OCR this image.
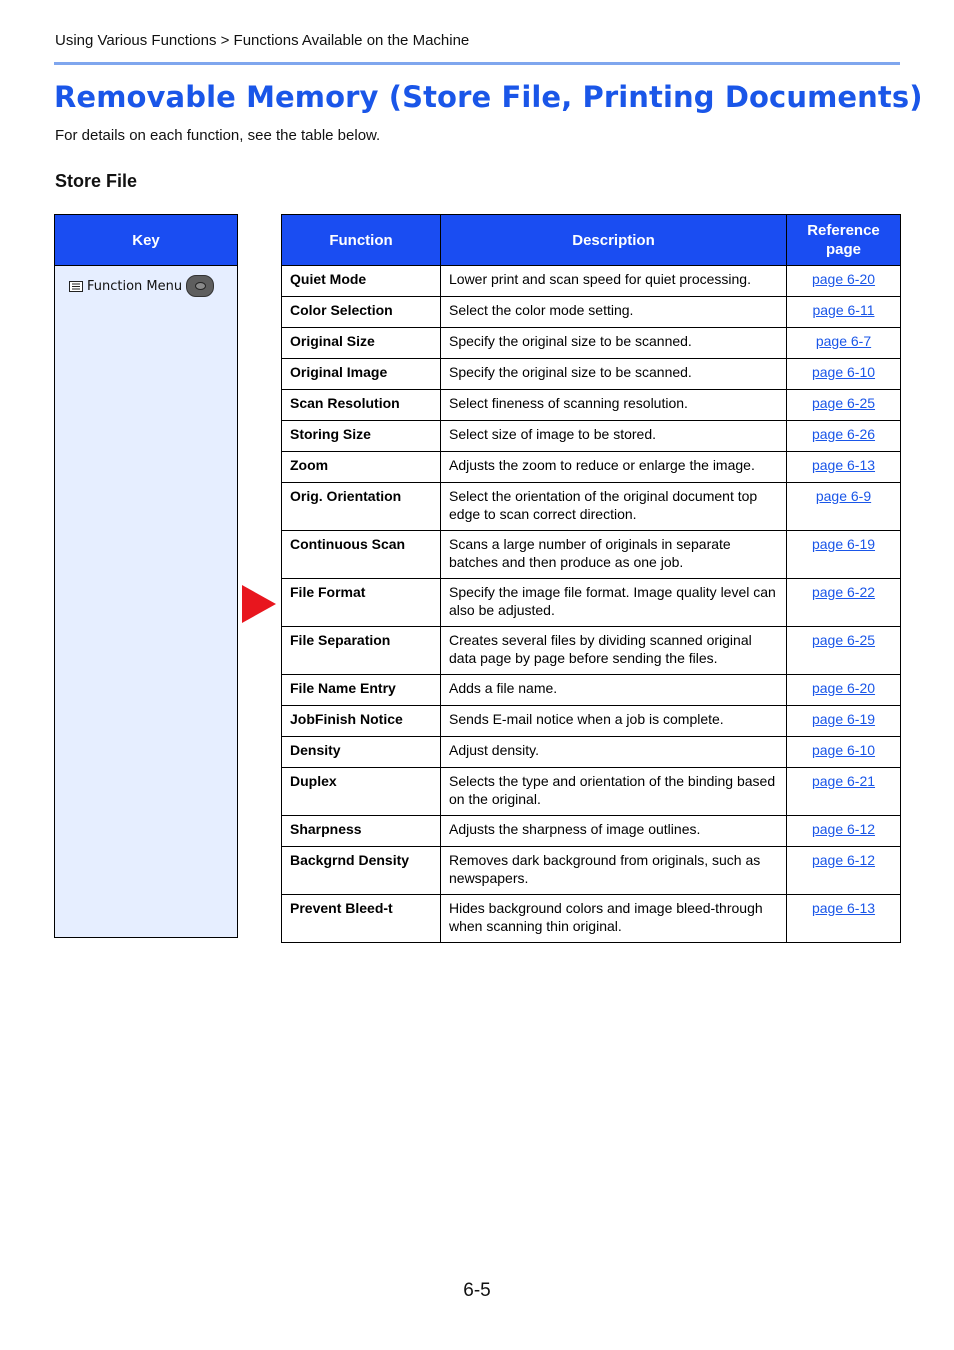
Using Various Functions > Functions Available on the Machine
Removable Memory (Store File, Printing Documents)
For details on each function, see the table below.
Store File
Key
Function Menu
Function	Description	Reference page
Quiet Mode	Lower print and scan speed for quiet processing.	page 6-20
Color Selection	Select the color mode setting.	page 6-11
Original Size	Specify the original size to be scanned.	page 6-7
Original Image	Specify the original size to be scanned.	page 6-10
Scan Resolution	Select fineness of scanning resolution.	page 6-25
Storing Size	Select size of image to be stored.	page 6-26
Zoom	Adjusts the zoom to reduce or enlarge the image.	page 6-13
Orig. Orientation	Select the orientation of the original document top edge to scan correct direction.	page 6-9
Continuous Scan	Scans a large number of originals in separate batches and then produce as one job.	page 6-19
File Format	Specify the image file format. Image quality level can also be adjusted.	page 6-22
File Separation	Creates several files by dividing scanned original data page by page before sending the files.	page 6-25
File Name Entry	Adds a file name.	page 6-20
JobFinish Notice	Sends E-mail notice when a job is complete.	page 6-19
Density	Adjust density.	page 6-10
Duplex	Selects the type and orientation of the binding based on the original.	page 6-21
Sharpness	Adjusts the sharpness of image outlines.	page 6-12
Backgrnd Density	Removes dark background from originals, such as newspapers.	page 6-12
Prevent Bleed-t	Hides background colors and image bleed-through when scanning thin original.	page 6-13
6-5
